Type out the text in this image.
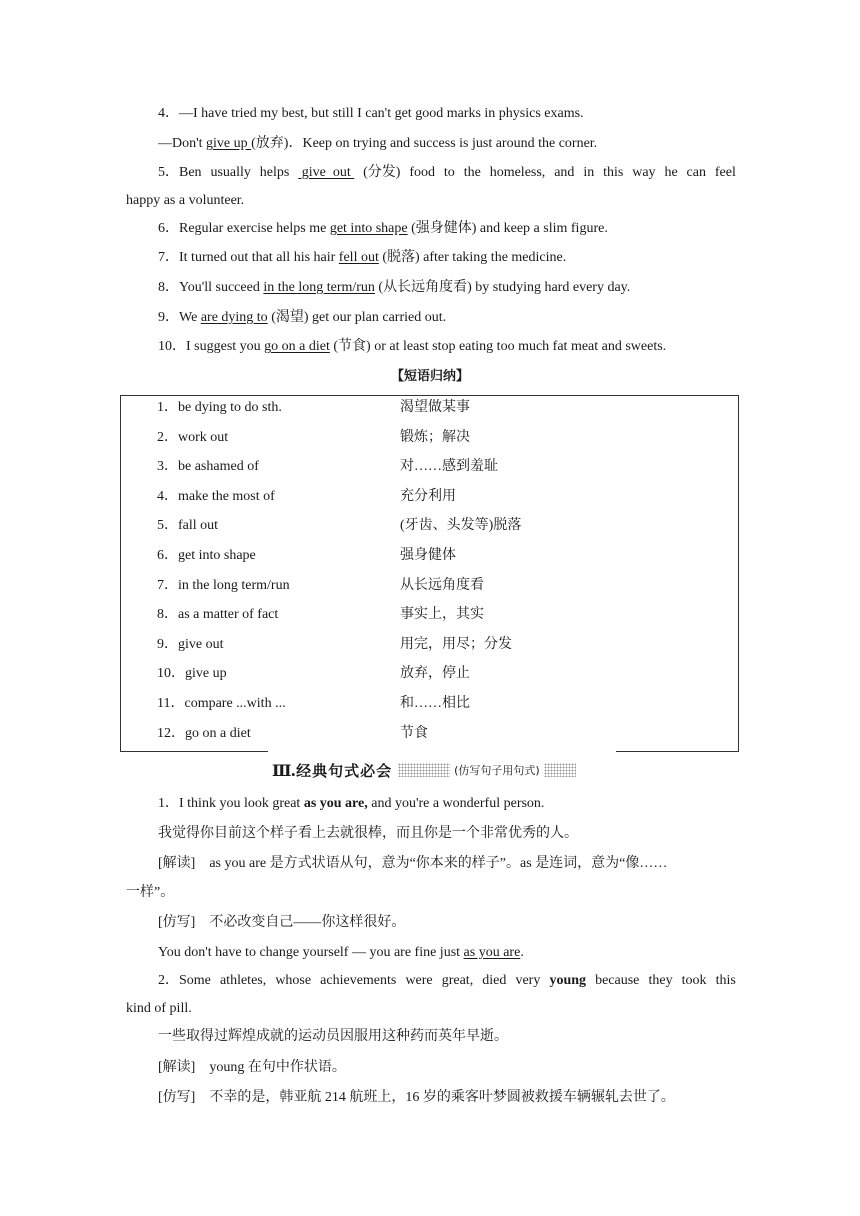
4．—I have tried my best, but still I can't get good marks in physics exams.
—Don't give up (放弃)．Keep on trying and success is just around the corner.
5．Ben usually helps give  out (分发) food to the homeless, and in this way he can feel
happy as a volunteer.
6．Regular exercise helps me get into shape (强身健体) and keep a slim figure.
7．It turned out that all his hair fell out (脱落) after taking the medicine.
8．You'll succeed in the long term/run (从长远角度看) by studying hard every day.
9．We are dying to (渴望) get our plan carried out.
10．I suggest you go on a diet (节食) or at least stop eating too much fat meat and sweets.
【短语归纳】
1．be dying to do sth.	渴望做某事
2．work out	锻炼；解决
3．be ashamed of	对……感到羞耻
4．make the most of	充分利用
5．fall out	(牙齿、头发等)脱落
6．get into shape	强身健体
7．in the long term/run	从长远角度看
8．as a matter of fact	事实上，其实
9．give out	用完，用尽；分发
10．give up	放弃，停止
11．compare ...with ...	和……相比
12．go on a diet	节食
Ⅲ. 经典句式必会	(仿写句子用句式)
1．I think you look great as you are, and you're a wonderful person.
我觉得你目前这个样子看上去就很棒，而且你是一个非常优秀的人。
[解读]　as you are 是方式状语从句，意为“你本来的样子”。as 是连词，意为“像……
一样”。
[仿写]　不必改变自己——你这样很好。
You don't have to change yourself — you are fine just as you are.
2．Some athletes, whose achievements were great, died very young because they took this
kind of pill.
一些取得过辉煌成就的运动员因服用这种药而英年早逝。
[解读]　young 在句中作状语。
[仿写]　不幸的是，韩亚航 214 航班上，16 岁的乘客叶梦圆被救援车辆辗轧去世了。
